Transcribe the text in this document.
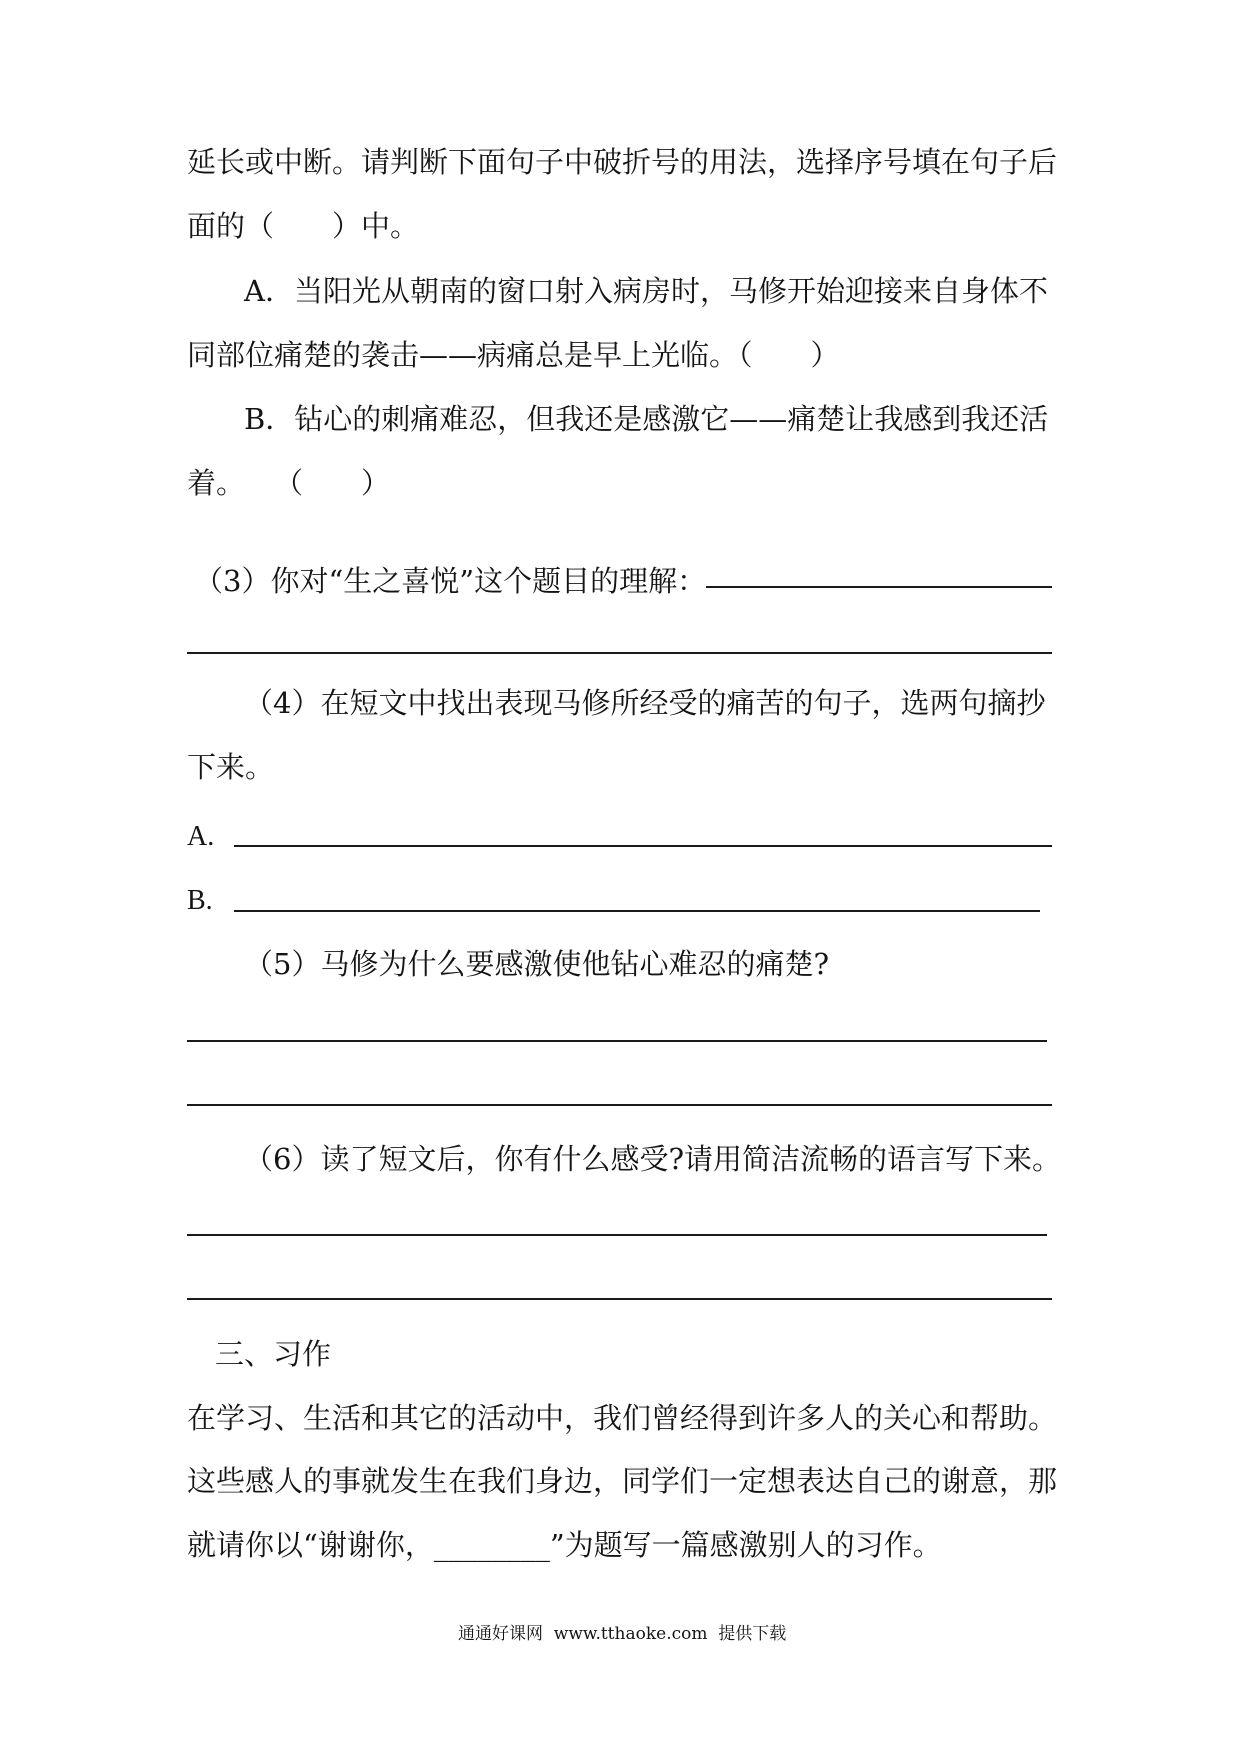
延长或中断。请判断下面句子中破折号的用法，选择序号填在句子后
面的（　　）中。
A．当阳光从朝南的窗口射入病房时，马修开始迎接来自身体不
同部位痛楚的袭击——病痛总是早上光临。（　　）
B．钻心的刺痛难忍，但我还是感激它——痛楚让我感到我还活
着。　　（　　）
（3）你对“生之喜悦”这个题目的理解：
（4）在短文中找出表现马修所经受的痛苦的句子，选两句摘抄
下来。
A.
B.
（5）马修为什么要感激使他钻心难忍的痛楚?
（6）读了短文后，你有什么感受?请用简洁流畅的语言写下来。
三、习作
在学习、生活和其它的活动中，我们曾经得到许多人的关心和帮助。
这些感人的事就发生在我们身边，同学们一定想表达自己的谢意，那
就请你以“谢谢你，________”为题写一篇感激别人的习作。
通通好课网  www.tthaoke.com  提供下载
